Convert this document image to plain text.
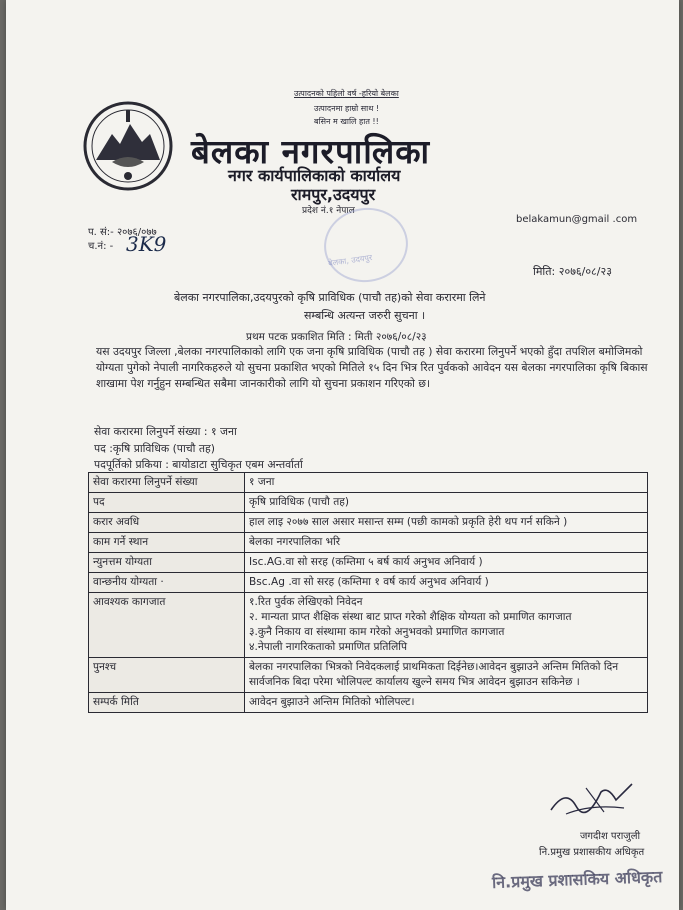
उत्पादनको पहिलो वर्ष -हरियो बेलका
उत्पादनमा हाम्रो साथ !
बसिन म खालि हात !!
बेलका नगरपालिका
नगर कार्यपालिकाको कार्यालय
रामपुर,उदयपुर
प्रदेश नं.१ नेपाल
belakamun@gmail .com
बेलका, उदयपुर
प. सं:- २०७६/०७७
च.नं: - 3K9
मिति: २०७६/०८/२३
बेलका नगरपालिका,उदयपुरको कृषि प्राविधिक (पाचौ तह)को सेवा करारमा लिने
सम्बन्धि अत्यन्त जरुरी सुचना ।
प्रथम पटक प्रकाशित मिति : मिती २०७६/०८/२३
यस उदयपुर जिल्ला ,बेलका नगरपालिकाको लागि एक जना कृषि प्राविधिक (पाचौ तह ) सेवा करारमा लिनुपर्ने भएको हुँदा तपशिल बमोजिमको योग्यता पुगेको नेपाली नागरिकहरुले यो सुचना प्रकाशित भएको मितिले १५ दिन भित्र रित पुर्वकको आवेदन यस बेलका नगरपालिका कृषि बिकास शाखामा पेश गर्नुहुन सम्बन्धित सबैमा जानकारीको लागि यो सुचना प्रकाशन गरिएको छ।
सेवा करारमा लिनुपर्ने संख्या : १ जना
पद :कृषि प्राविधिक (पाचौ तह)
पदपूर्तिको प्रकिया : बायोडाटा सुचिकृत एबम अन्तर्वार्ता
सेवा करारमा लिनुपर्ने संख्या	१ जना
पद	कृषि प्राविधिक (पाचौ तह)
करार अवधि	हाल लाइ २०७७ साल असार मसान्त सम्म (पछी कामको प्रकृति हेरी थप गर्न सकिने )
काम गर्ने स्थान	बेलका नगरपालिका भरि
न्युनत्तम योग्यता	Isc.AG.वा सो सरह (कम्तिमा ५ बर्ष कार्य अनुभव अनिवार्य )
वान्छनीय योग्यता ·	Bsc.Ag .वा सो सरह (कम्तिमा १ वर्ष कार्य अनुभव अनिवार्य )
आवश्यक कागजात	१.रित पुर्वक लेखिएको निवेदन
२. मान्यता प्राप्त शैक्षिक संस्था बाट प्राप्त गरेको शैक्षिक योग्यता को प्रमाणित कागजात
३.कुनै निकाय वा संस्थामा काम गरेको अनुभवको प्रमाणित कागजात
४.नेपाली नागरिकताको प्रमाणित प्रतिलिपि
पुनश्च	बेलका नगरपालिका भित्रको निवेदकलाई प्राथमिकता दिईनेछ।आवेदन बुझाउने अन्तिम मितिको दिन सार्वजनिक बिदा परेमा भोलिपल्ट कार्यालय खुल्ने समय भित्र आवेदन बुझाउन सकिनेछ ।
सम्पर्क मिति	आवेदन बुझाउने अन्तिम मितिको भोलिपल्ट।
जगदीश पराजुली
नि.प्रमुख प्रशासकीय अधिकृत
नि.प्रमुख प्रशासकिय अधिकृत
